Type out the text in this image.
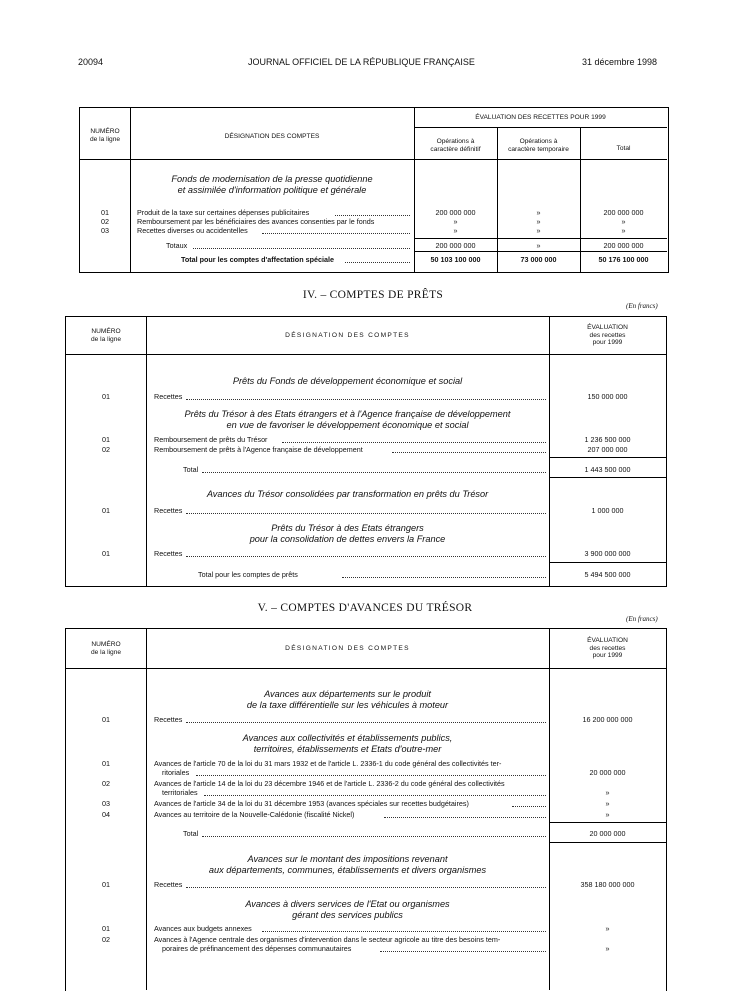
20094	JOURNAL OFFICIEL DE LA RÉPUBLIQUE FRANÇAISE	31 décembre 1998
NUMÉRO
de la ligne	DÉSIGNATION DES COMPTES
ÉVALUATION DES RECETTES POUR 1999
Opérations à
caractère définitif
Opérations à
caractère temporaire	Total
Fonds de modernisation de la presse quotidienne
et assimilée d'information politique et générale
01	Produit de la taxe sur certaines dépenses publicitaires	200 000 000	»	200 000 000
02	Remboursement par les bénéficiaires des avances consenties par le fonds	»	»	»
03	Recettes diverses ou accidentelles	»	»	»
Totaux	200 000 000	»	200 000 000
Total pour les comptes d'affectation spéciale	50 103 100 000	73 000 000	50 176 100 000
IV. – COMPTES DE PRÊTS
(En francs)
NUMÉRO
de la ligne	DÉSIGNATION DES COMPTES
ÉVALUATION
des recettes
pour 1999
Prêts du Fonds de développement économique et social
01	Recettes	150 000 000
Prêts du Trésor à des Etats étrangers et à l'Agence française de développement
en vue de favoriser le développement économique et social
01	Remboursement de prêts du Trésor	1 236 500 000
02	Remboursement de prêts à l'Agence française de développement	207 000 000
Total	1 443 500 000
Avances du Trésor consolidées par transformation en prêts du Trésor
01	Recettes	1 000 000
Prêts du Trésor à des Etats étrangers
pour la consolidation de dettes envers la France
01	Recettes	3 900 000 000
Total pour les comptes de prêts	5 494 500 000
V. – COMPTES D'AVANCES DU TRÉSOR
(En francs)
NUMÉRO
de la ligne	DÉSIGNATION DES COMPTES
ÉVALUATION
des recettes
pour 1999
Avances aux départements sur le produit
de la taxe différentielle sur les véhicules à moteur
01	Recettes	16 200 000 000
Avances aux collectivités et établissements publics,
territoires, établissements et Etats d'outre-mer
01	Avances de l'article 70 de la loi du 31 mars 1932 et de l'article L. 2336-1 du code général des collectivités ter-
ritoriales	20 000 000
02	Avances de l'article 14 de la loi du 23 décembre 1946 et de l'article L. 2336-2 du code général des collectivités
territoriales	»
03	Avances de l'article 34 de la loi du 31 décembre 1953 (avances spéciales sur recettes budgétaires)	»
04	Avances au territoire de la Nouvelle-Calédonie (fiscalité Nickel)	»
Total	20 000 000
Avances sur le montant des impositions revenant
aux départements, communes, établissements et divers organismes
01	Recettes	358 180 000 000
Avances à divers services de l'Etat ou organismes
gérant des services publics
01	Avances aux budgets annexes	»
02	Avances à l'Agence centrale des organismes d'intervention dans le secteur agricole au titre des besoins tem-
poraires de préfinancement des dépenses communautaires	»
